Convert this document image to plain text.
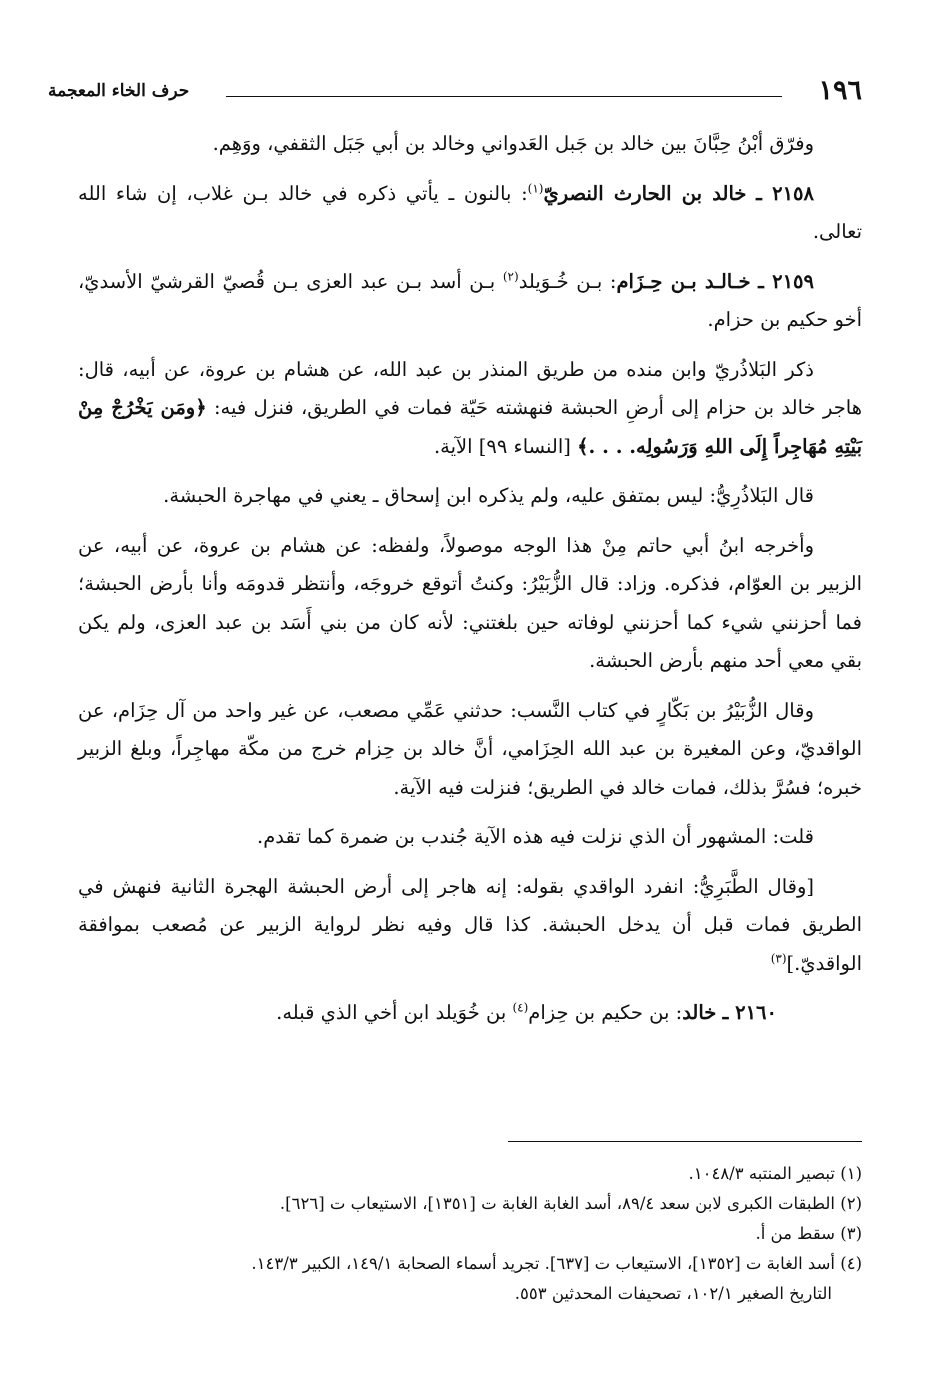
١٩٦
حرف الخاء المعجمة

وفرّق أبْنُ حِبَّانَ بين خالد بن جَبل العَدواني وخالد بن أبي جَبَل الثقفي، ووَهِم.

٢١٥٨ ـ خالد بن الحارث النصريّ$^{(١)}$: بالنون ـ يأتي ذكره في خالد بـن غلاب، إن شاء الله تعالى.

٢١٥٩ ـ خـالـد بـن حِـزَام: بـن خُـوَيلد$^{(٢)}$ بـن أسد بـن عبد العزى بـن قُصيّ القرشيّ الأسديّ، أخو حكيم بن حزام.

ذكر البَلاذُريّ وابن منده من طريق المنذر بن عبد الله، عن هشام بن عروة، عن أبيه، قال: هاجر خالد بن حزام إلى أرضِ الحبشة فنهشته حَيّة فمات في الطريق، فنزل فيه: ﴿ومَن يَخْرُجْ مِنْ بَيْتِهِ مُهَاجِراً إِلَى اللهِ وَرَسُولِه. . . .﴾ [النساء ٩٩] الآية.

قال البَلاذُرِيُّ: ليس بمتفق عليه، ولم يذكره ابن إسحاق ـ يعني في مهاجرة الحبشة.

وأخرجه ابنُ أبي حاتم مِنْ هذا الوجه موصولاً، ولفظه: عن هشام بن عروة، عن أبيه، عن الزبير بن العوّام، فذكره. وزاد: قال الزُّبَيْرُ: وكنتُ أتوقع خروجَه، وأنتظر قدومَه وأنا بأرض الحبشة؛ فما أحزنني شيء كما أحزنني لوفاته حين بلغتني: لأنه كان من بني أَسَد بن عبد العزى، ولم يكن بقي معي أحد منهم بأرض الحبشة.

وقال الزُّبَيْرُ بن بَكّارٍ في كتاب النَّسب: حدثني عَمِّي مصعب، عن غير واحد من آل حِزَام، عن الواقديّ، وعن المغيرة بن عبد الله الحِزَامي، أنَّ خالد بن حِزام خرج من مكّة مهاجِراً، وبلغ الزبير خبره؛ فسُرَّ بذلك، فمات خالد في الطريق؛ فنزلت فيه الآية.

قلت: المشهور أن الذي نزلت فيه هذه الآية جُندب بن ضمرة كما تقدم.

[وقال الطَّبَرِيُّ: انفرد الواقدي بقوله: إنه هاجر إلى أرض الحبشة الهجرة الثانية فنهش في الطريق فمات قبل أن يدخل الحبشة. كذا قال وفيه نظر لرواية الزبير عن مُصعب بموافقة الواقديّ.]$^{(٣)}$

٢١٦٠ ـ خالد: بن حكيم بن حِزام$^{(٤)}$ بن خُوَيلد ابن أخي الذي قبله.

(١) تبصير المنتبه ١٠٤٨/٣.

(٢) الطبقات الكبرى لابن سعد ٨٩/٤، أسد الغابة الغابة ت [١٣٥١]، الاستيعاب ت [٦٢٦].

(٣) سقط من أ.

(٤) أسد الغابة ت [١٣٥٢]، الاستيعاب ت [٦٣٧]. تجريد أسماء الصحابة ١٤٩/١، الكبير ١٤٣/٣.
التاريخ الصغير ١٠٢/١، تصحيفات المحدثين ٥٥٣.
